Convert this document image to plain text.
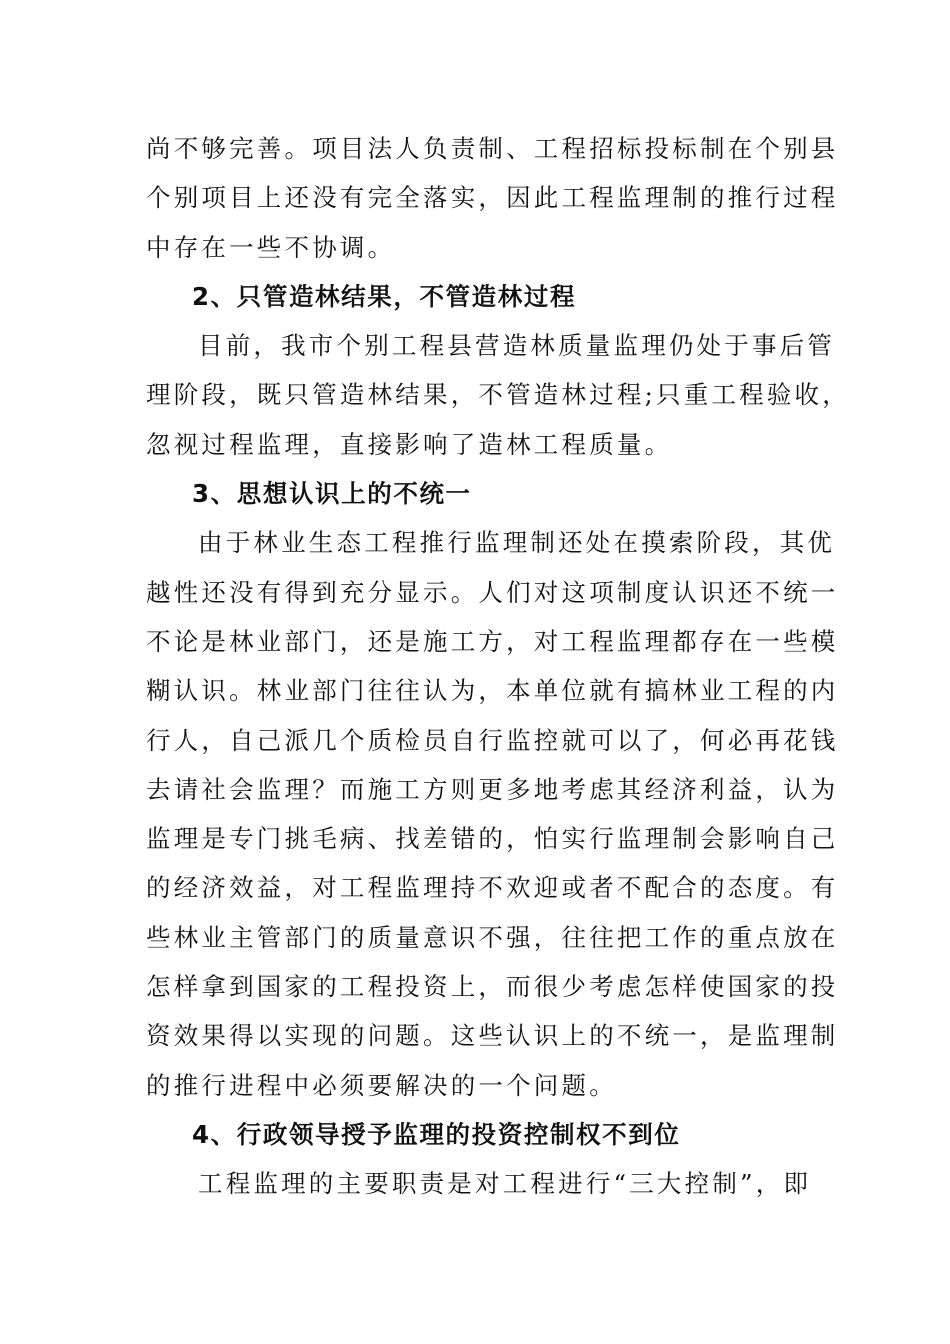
尚不够完善。项目法人负责制、工程招标投标制在个别县
个别项目上还没有完全落实，因此工程监理制的推行过程
中存在一些不协调。
2、只管造林结果，不管造林过程
目前，我市个别工程县营造林质量监理仍处于事后管
理阶段，既只管造林结果，不管造林过程;只重工程验收，
忽视过程监理，直接影响了造林工程质量。
3、思想认识上的不统一
由于林业生态工程推行监理制还处在摸索阶段，其优
越性还没有得到充分显示。人们对这项制度认识还不统一
不论是林业部门，还是施工方，对工程监理都存在一些模
糊认识。林业部门往往认为，本单位就有搞林业工程的内
行人，自己派几个质检员自行监控就可以了，何必再花钱
去请社会监理？而施工方则更多地考虑其经济利益，认为
监理是专门挑毛病、找差错的，怕实行监理制会影响自己
的经济效益，对工程监理持不欢迎或者不配合的态度。有
些林业主管部门的质量意识不强，往往把工作的重点放在
怎样拿到国家的工程投资上，而很少考虑怎样使国家的投
资效果得以实现的问题。这些认识上的不统一，是监理制
的推行进程中必须要解决的一个问题。
4、行政领导授予监理的投资控制权不到位
工程监理的主要职责是对工程进行“三大控制”，即
